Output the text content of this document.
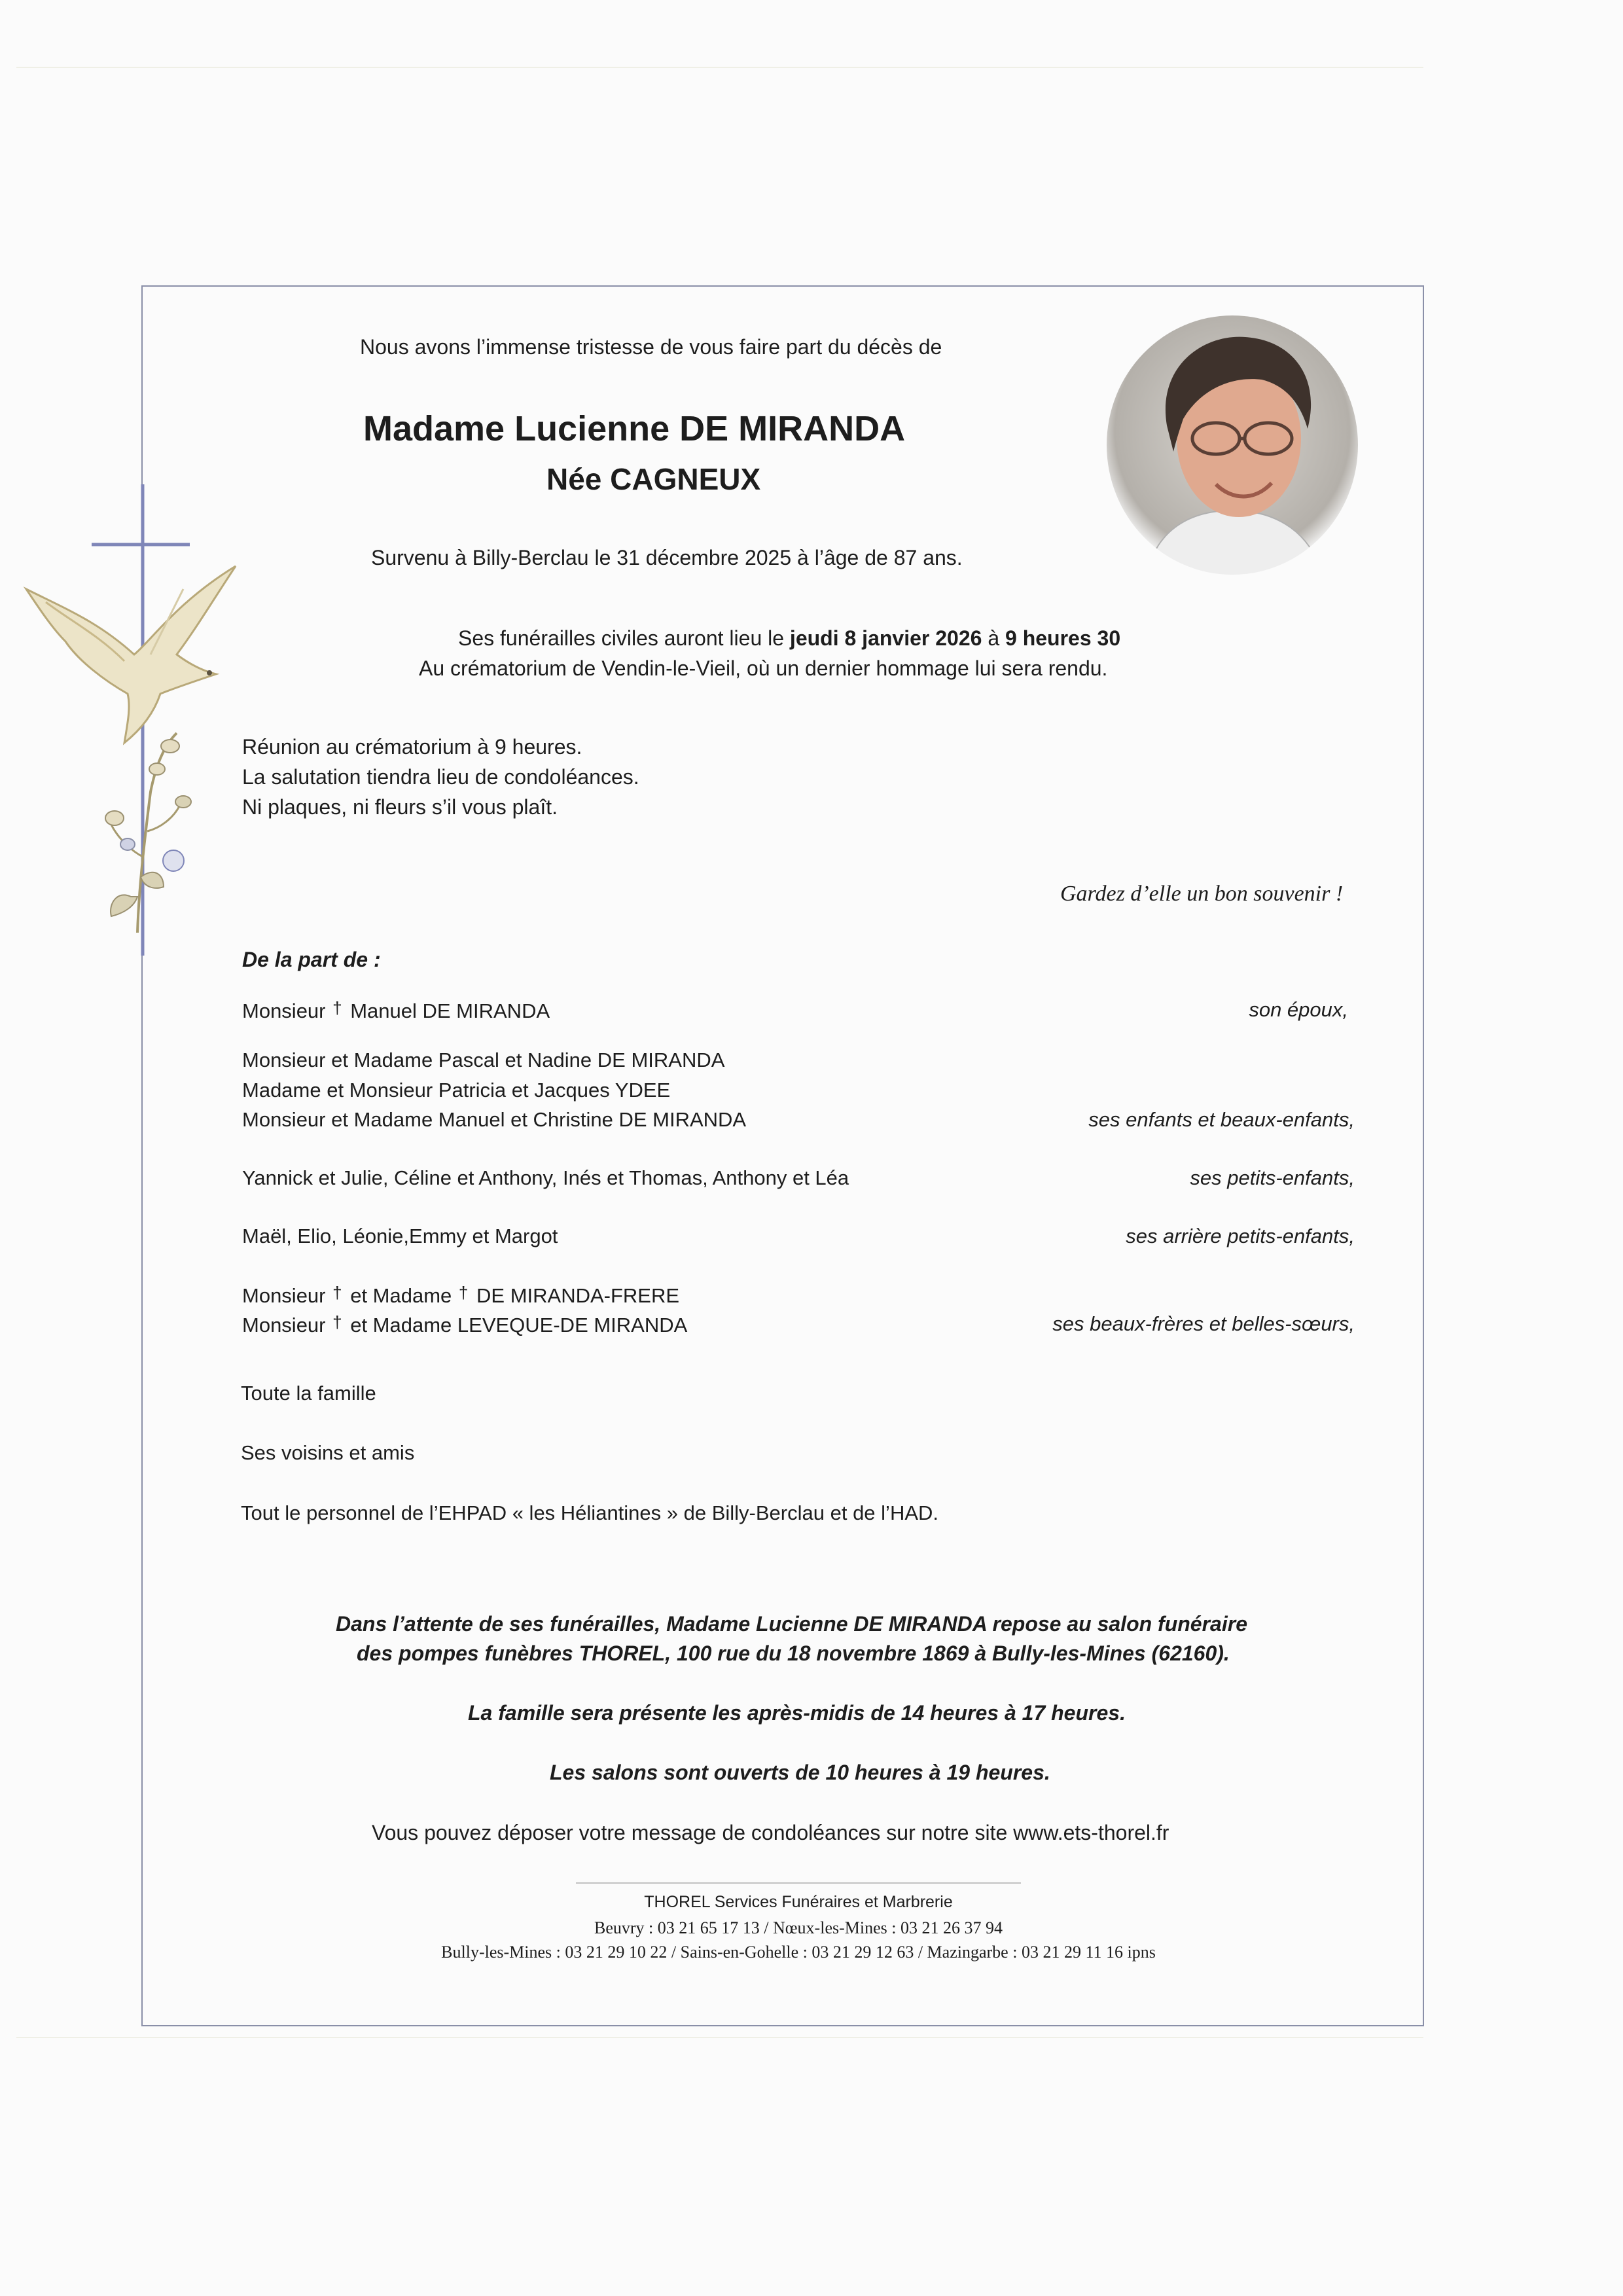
Nous avons l’immense tristesse de vous faire part du décès de
Madame Lucienne DE MIRANDA
Née CAGNEUX
Survenu à Billy-Berclau le 31 décembre 2025 à l’âge de 87 ans.
Ses funérailles civiles auront lieu le jeudi 8 janvier 2026 à 9 heures 30
Au crématorium de Vendin-le-Vieil, où un dernier hommage lui sera rendu.
Réunion au crématorium à 9 heures.
La salutation tiendra lieu de condoléances.
Ni plaques, ni fleurs s’il vous plaît.
Gardez d’elle un bon souvenir !
De la part de :
Monsieur † Manuel DE MIRANDA	son époux,
Monsieur et Madame Pascal et Nadine DE MIRANDA
Madame et Monsieur Patricia et Jacques YDEE
Monsieur et Madame Manuel et Christine DE MIRANDA	ses enfants et beaux-enfants,
Yannick et Julie, Céline et Anthony, Inés et Thomas, Anthony et Léa	ses petits-enfants,
Maël, Elio, Léonie,Emmy et Margot	ses arrière petits-enfants,
Monsieur † et Madame † DE MIRANDA-FRERE
Monsieur † et Madame LEVEQUE-DE MIRANDA	ses beaux-frères et belles-sœurs,
Toute la famille
Ses voisins et amis
Tout le personnel de l’EHPAD « les Héliantines » de Billy-Berclau et de l’HAD.
Dans l’attente de ses funérailles, Madame Lucienne DE MIRANDA repose au salon funéraire
des pompes funèbres THOREL, 100 rue du 18 novembre 1869 à Bully-les-Mines (62160).
La famille sera présente les après-midis de 14 heures à 17 heures.
Les salons sont ouverts de 10 heures à 19 heures.
Vous pouvez déposer votre message de condoléances sur notre site www.ets-thorel.fr
THOREL Services Funéraires et Marbrerie
Beuvry : 03 21 65 17 13 / Nœux-les-Mines : 03 21 26 37 94
Bully-les-Mines : 03 21 29 10 22 / Sains-en-Gohelle : 03 21 29 12 63 / Mazingarbe : 03 21 29 11 16 ipns
